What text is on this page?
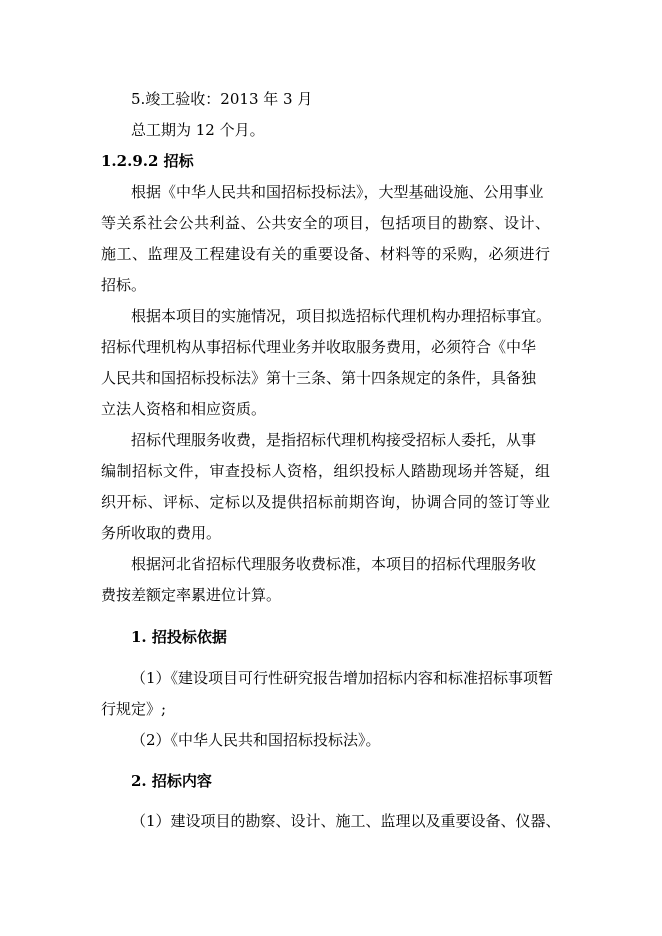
5.竣工验收：2013 年 3 月
总工期为 12 个月。
1.2.9.2 招标
根据《中华人民共和国招标投标法》，大型基础设施、公用事业
等关系社会公共利益、公共安全的项目，包括项目的勘察、设计、
施工、监理及工程建设有关的重要设备、材料等的采购，必须进行
招标。
根据本项目的实施情况，项目拟选招标代理机构办理招标事宜。
招标代理机构从事招标代理业务并收取服务费用，必须符合《中华
人民共和国招标投标法》第十三条、第十四条规定的条件，具备独
立法人资格和相应资质。
招标代理服务收费，是指招标代理机构接受招标人委托，从事
编制招标文件，审查投标人资格，组织投标人踏勘现场并答疑，组
织开标、评标、定标以及提供招标前期咨询，协调合同的签订等业
务所收取的费用。
根据河北省招标代理服务收费标准，本项目的招标代理服务收
费按差额定率累进位计算。
1. 招投标依据
（1）《建设项目可行性研究报告增加招标内容和标准招标事项暂
行规定》;
（2）《中华人民共和国招标投标法》。
2. 招标内容
（1）建设项目的勘察、设计、施工、监理以及重要设备、仪器、
